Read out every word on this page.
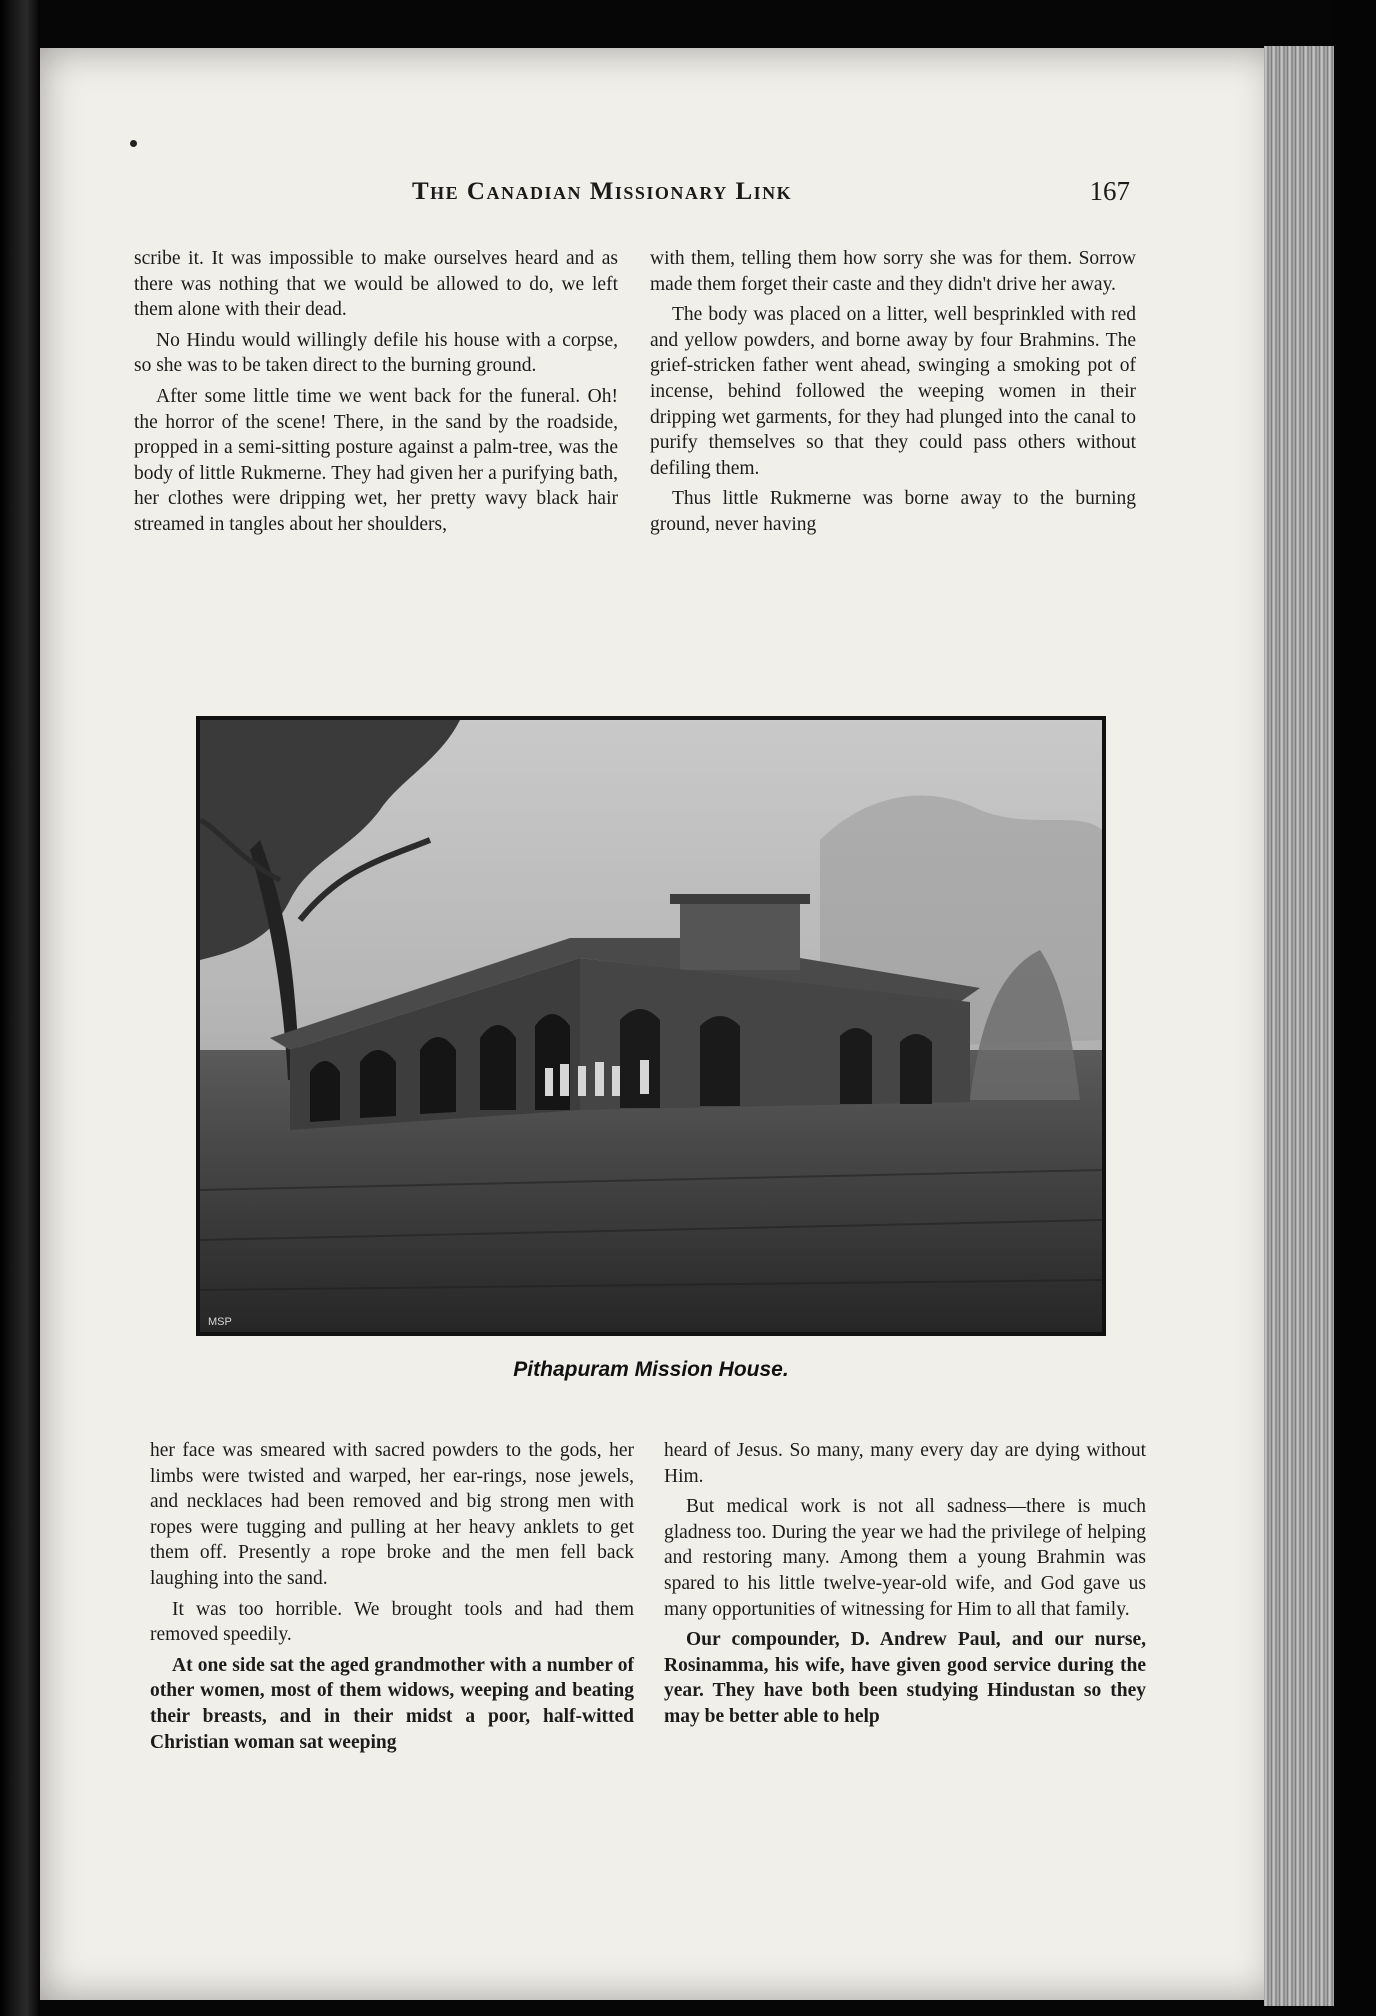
The Canadian Missionary Link	167

scribe it. It was impossible to make ourselves heard and as there was nothing that we would be allowed to do, we left them alone with their dead.

No Hindu would willingly defile his house with a corpse, so she was to be taken direct to the burning ground.

After some little time we went back for the funeral. Oh! the horror of the scene! There, in the sand by the roadside, propped in a semi-sitting posture against a palm-tree, was the body of little Rukmerne. They had given her a purifying bath, her clothes were dripping wet, her pretty wavy black hair streamed in tangles about her shoulders,

with them, telling them how sorry she was for them. Sorrow made them forget their caste and they didn't drive her away.

The body was placed on a litter, well besprinkled with red and yellow powders, and borne away by four Brahmins. The grief-stricken father went ahead, swinging a smoking pot of incense, behind followed the weeping women in their dripping wet garments, for they had plunged into the canal to purify themselves so that they could pass others without defiling them.

Thus little Rukmerne was borne away to the burning ground, never having

MSP
Pithapuram Mission House.

her face was smeared with sacred powders to the gods, her limbs were twisted and warped, her ear-rings, nose jewels, and necklaces had been removed and big strong men with ropes were tugging and pulling at her heavy anklets to get them off. Presently a rope broke and the men fell back laughing into the sand.

It was too horrible. We brought tools and had them removed speedily.

At one side sat the aged grandmother with a number of other women, most of them widows, weeping and beating their breasts, and in their midst a poor, half-witted Christian woman sat weeping

heard of Jesus. So many, many every day are dying without Him.

But medical work is not all sadness—there is much gladness too. During the year we had the privilege of helping and restoring many. Among them a young Brahmin was spared to his little twelve-year-old wife, and God gave us many opportunities of witnessing for Him to all that family.

Our compounder, D. Andrew Paul, and our nurse, Rosinamma, his wife, have given good service during the year. They have both been studying Hindustan so they may be better able to help
